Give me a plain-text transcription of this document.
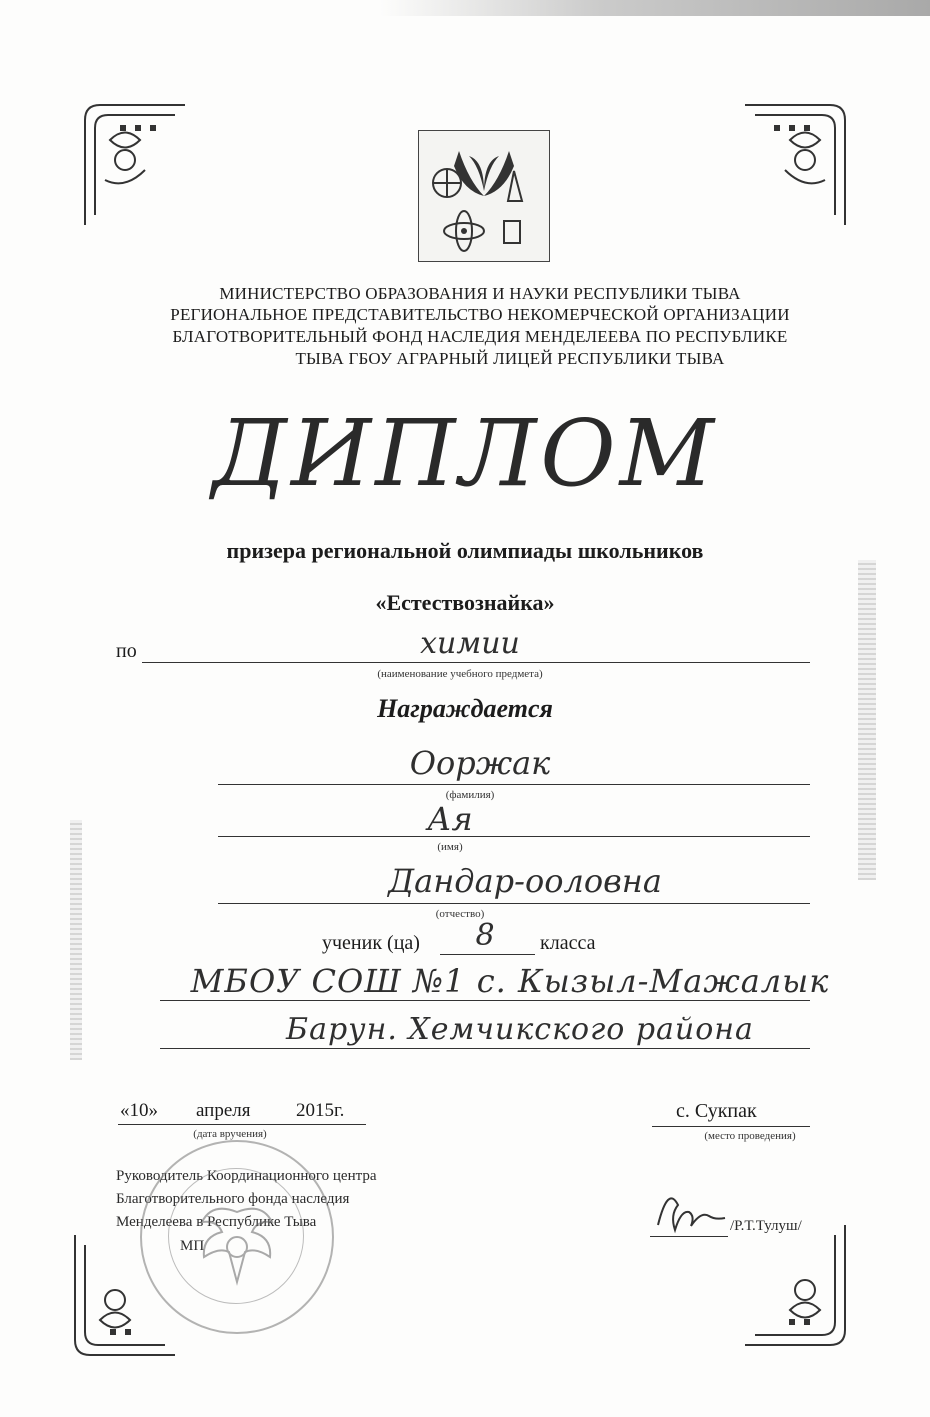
МИНИСТЕРСТВО ОБРАЗОВАНИЯ И НАУКИ РЕСПУБЛИКИ ТЫВА
РЕГИОНАЛЬНОЕ ПРЕДСТАВИТЕЛЬСТВО НЕКОМЕРЧЕСКОЙ ОРГАНИЗАЦИИ
БЛАГОТВОРИТЕЛЬНЫЙ ФОНД НАСЛЕДИЯ МЕНДЕЛЕЕВА ПО РЕСПУБЛИКЕ
ТЫВА ГБОУ АГРАРНЫЙ ЛИЦЕЙ РЕСПУБЛИКИ ТЫВА
ДИПЛОМ
призера региональной олимпиады школьников
«Естествознайка»
по	химии
(наименование учебного предмета)
Награждается
Ооржак
(фамилия)
Ая
(имя)
Дандар-ооловна
(отчество)
ученик (ца) 8 класса
МБОУ СОШ №1 с. Кызыл-Мажалык
Барун. Хемчикского района
«10» апреля 2015г.
(дата вручения)
с. Сукпак
(место проведения)
Руководитель Координационного центра
Благотворительного фонда наследия
Менделеева в Республике Тыва
МП
/Р.Т.Тулуш/
